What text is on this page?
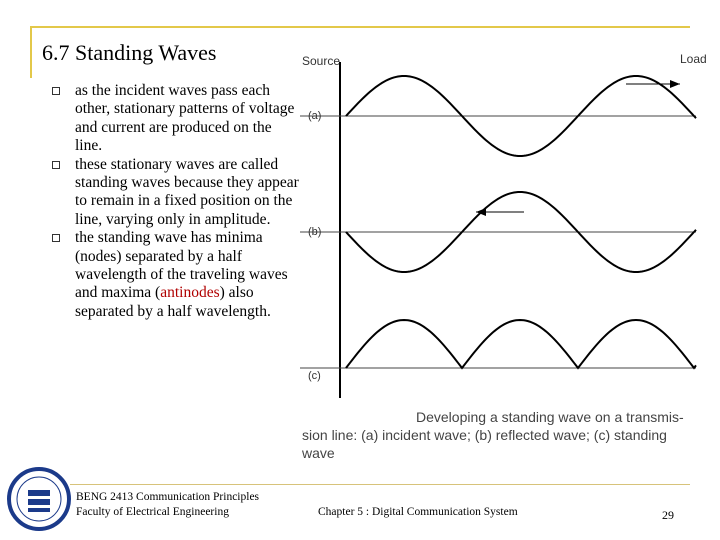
6.7 Standing Waves
as the incident waves pass each other, stationary patterns of voltage and current are produced on the line.
these stationary waves are called standing waves because they appear to remain in a fixed position on the line, varying only in amplitude.
the standing wave has minima (nodes) separated by a half wavelength of the traveling waves and maxima (antinodes) also separated by a half wavelength.
Source	Load
(a)
(b)
(c)
Developing a standing wave on a transmis-
sion line: (a) incident wave; (b) reflected wave; (c) standing
wave
BENG 2413 Communication Principles
Faculty of Electrical Engineering	Chapter 5 : Digital Communication System	29
